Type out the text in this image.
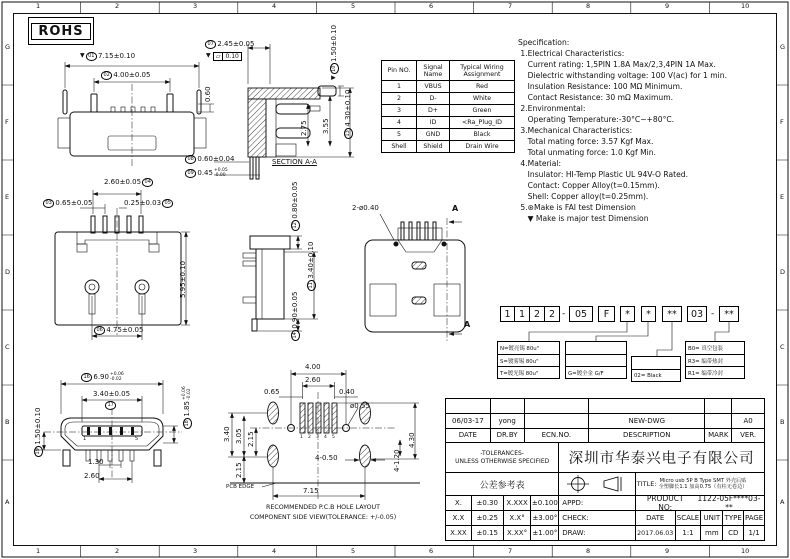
1	2	3	4	5	6	7	8	9	10
1	2	3	4	5	6	7	8	9	10
G
F
E
D
C
B
A
G
F
E
D
C
B
A
ROHS
Pin NO.	Signal Name	Typical Wiring Assignment
1	VBUS	Red
2	D-	White
3	D+	Green
4	ID	<Ra_Plug_ID
5	GND	Black
Shell	Shield	Drain Wire
Specification:
1.Electrical Characteristics:
Current rating: 1,5PIN 1.8A Max/2,3,4PIN 1A Max.
Dielectric withstanding voltage: 100 V(ac) for 1 min.
Insulation Resistance: 100 MΩ Minimum.
Contact Resistance: 30 mΩ Maximum.
2.Environmental:
Operating Temperature:-30°C~+80°C.
3.Mechanical Characteristics:
Total mating force: 3.57 Kgf Max.
Total unmating force: 1.0 Kgf Min.
4.Material:
Insulator: HI-Temp Plastic UL 94V-O Rated.
Contact: Copper Alloy(t=0.15mm).
Shell: Copper alloy(t=0.25mm).
5.⊛Make is FAI test Dimension
▼ Make is major test Dimension
▼ 01 7.15±0.10
02 4.00±0.05
0.60
07 2.45±0.05
▼ ▱ 0.10
▼101.50±0.10
2.75 3.55	134.30±0.10
08 0.60±0.04
09 0.45 +0.05
-0.00
SECTION A-A
2.60±0.05 04
03 0.65±0.05	0.25±0.03 05
5.95±0.10
06 4.75±0.05
120.80±0.05
113.40±0.10
140.90±0.05
2-ø0.40	A
A
16 6.90 +0.06
-0.02
3.40±0.05
17
181.85
+0.06 -0.02
191.50±0.10
1.30
2.60
4.00
2.60
0.65	0.40
3.40 3.05 2.15
2.15
ø0.55
4.30
4-1.20
4-0.50
7.15
PCB EDGE
RECOMMENDED P.C.B HOLE LAYOUT
COMPONENT SIDE VIEW(TOLERANCE: +/-0.05)
1	5	1 2 3 4 5
1 1 2 2 -	05	F	*	*	**	03 -	**
N=镀亮锡 80u"
S=镀雾锡 80u"
T=镀光锡 80u"	G=镀全金 G/F	02= Black
B0= 真空包装
R3= 编带热封
R1= 编带冷封
06/03-17	yong	NEW-DWG	A0
DATE	DR.BY	ECN.NO.	DESCRIPTION	MARK	VER.
-TOLERANCES-
UNLESS OTHERWISE SPECIFIED	深圳市华泰兴电子有限公司
公差参考表	TITLE: Micro usb 5P B Type SMT 外壳后贴
全塑脚长1.1 加高0.75（有柱无卷边）
X.	±0.30	X.XXX ±0.100 APPD:	PRODUCT NO:

1122-05F****03-**
X.X	±0.25	X.X°	±3.00° CHECK:	DATE	SCALE UNIT TYPE PAGE
X.XX	±0.15	X.XX° ±1.00° DRAW:	2017.06.03	1:1	mm	CD	1/1
